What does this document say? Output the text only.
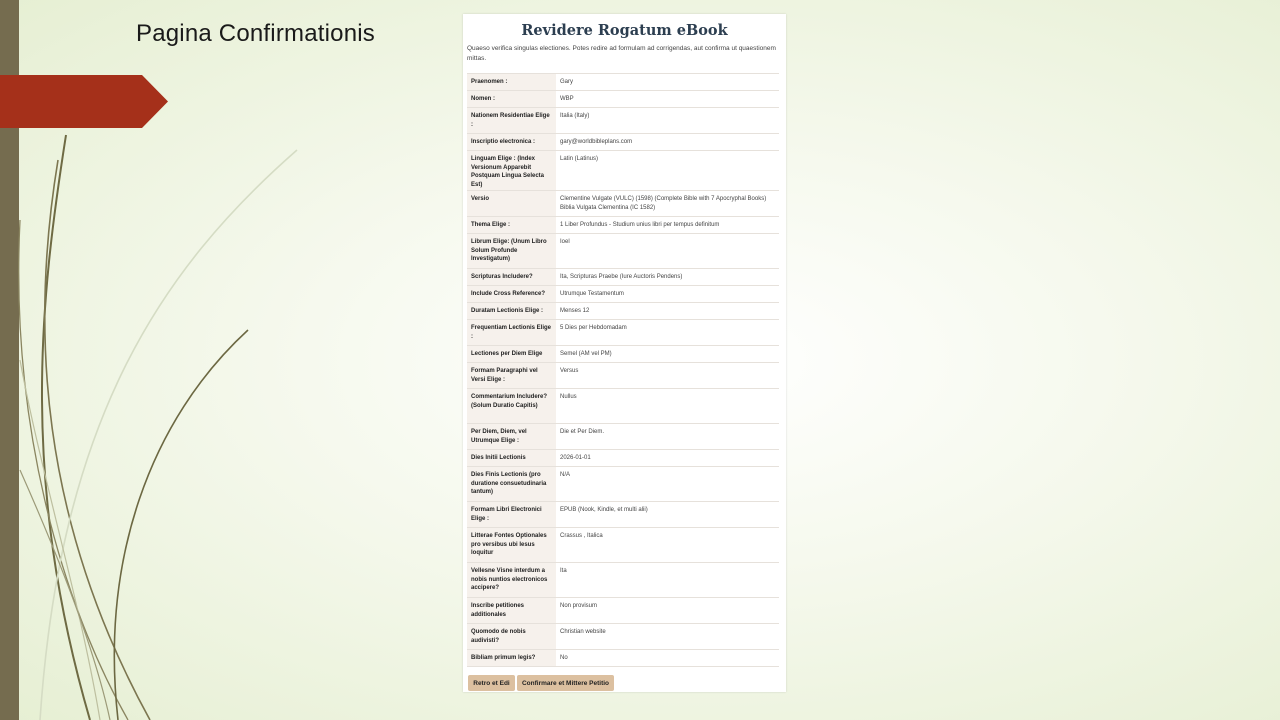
Pagina Confirmationis	Revidere Rogatum eBook
Quaeso verifica singulas electiones. Potes redire ad formulam ad corrigendas, aut confirma ut quaestionem mittas.
Praenomen :	Gary
Nomen :	WBP
Nationem Residentiae Elige :	Italia (Italy)
Inscriptio electronica :	gary@worldbibleplans.com
Linguam Elige : (Index Versionum Apparebit Postquam Lingua Selecta Est)	Latin (Latinus)
Versio	Clementine Vulgate (VULC) (1598) (Complete Bible with 7 Apocryphal Books) Biblia Vulgata Clementina (IC 1582)
Thema Elige :	1 Liber Profundus - Studium unius libri per tempus definitum
Librum Elige: (Unum Libro Solum Profunde Investigatum)	Ioel
Scripturas Includere?	Ita, Scripturas Praebe (Iure Auctoris Pendens)
Include Cross Reference?	Utrumque Testamentum
Duratam Lectionis Elige :	Menses 12
Frequentiam Lectionis Elige :	5 Dies per Hebdomadam
Lectiones per Diem Elige	Semel (AM vel PM)
Formam Paragraphi vel Versi Elige :	Versus
Commentarium Includere? (Solum Duratio Capitis)	Nullus
Per Diem, Diem, vel Utrumque Elige :	Die et Per Diem.
Dies Initii Lectionis	2026-01-01
Dies Finis Lectionis (pro duratione consuetudinaria tantum)	N/A
Formam Libri Electronici Elige :	EPUB (Nook, Kindle, et multi alii)
Litterae Fontes Optionales pro versibus ubi Iesus loquitur	Crassus , Italica
Vellesne Visne interdum a nobis nuntios electronicos accipere?	Ita
Inscribe petitiones additionales	Non provisum
Quomodo de nobis audivisti?	Christian website
Bibliam primum legis?	No
Retro et Edi	Confirmare et Mittere Petitio
